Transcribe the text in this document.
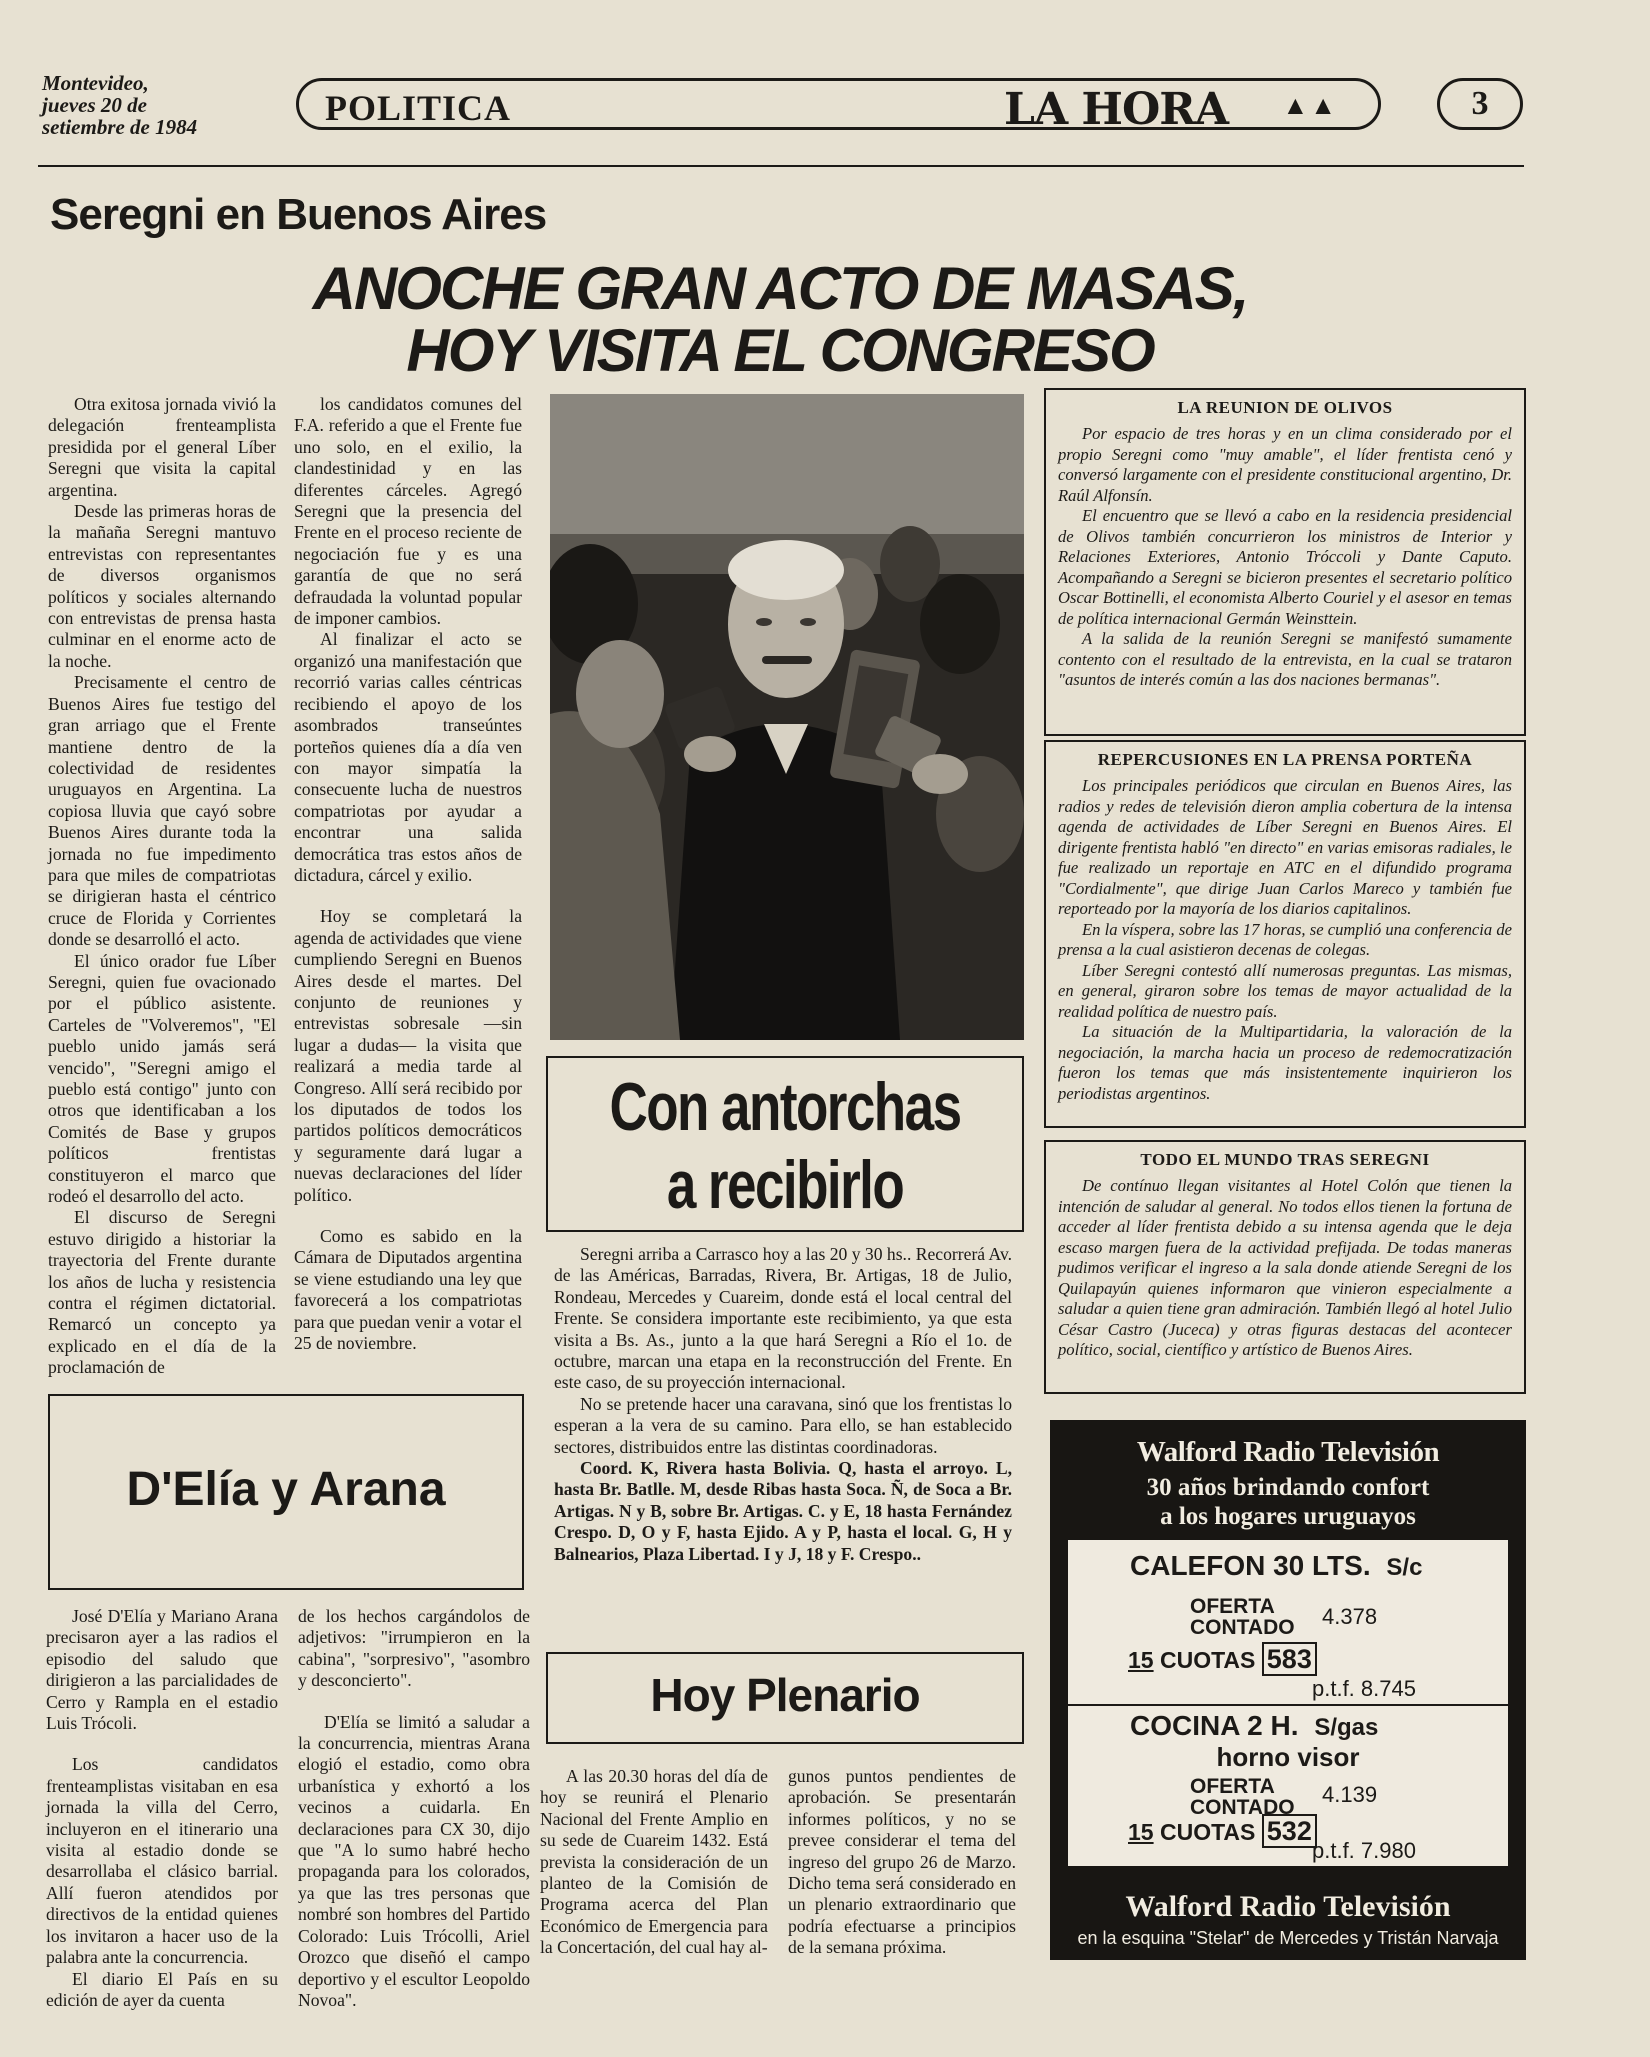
Montevideo,
jueves 20 de
setiembre de 1984	POLITICA	LA HORA ▲▲	3
Seregni en Buenos Aires
ANOCHE GRAN ACTO DE MASAS,
HOY VISITA EL CONGRESO

Otra exitosa jornada vivió la delegación frenteamplista presidida por el general Líber Seregni que visita la capital argentina.

Desde las primeras horas de la mañaña Seregni mantuvo entrevistas con representantes de diversos organismos políticos y sociales alternando con entrevistas de prensa hasta culminar en el enorme acto de la noche.

Precisamente el centro de Buenos Aires fue testigo del gran arriago que el Frente mantiene dentro de la colectividad de residentes uruguayos en Argentina. La copiosa lluvia que cayó sobre Buenos Aires durante toda la jornada no fue impedimento para que miles de compatriotas se dirigieran hasta el céntrico cruce de Florida y Corrientes donde se desarrolló el acto.

El único orador fue Líber Seregni, quien fue ovacionado por el público asistente. Carteles de "Volveremos", "El pueblo unido jamás será vencido", "Seregni amigo el pueblo está contigo" junto con otros que identificaban a los Comités de Base y grupos políticos frentistas constituyeron el marco que rodeó el desarrollo del acto.

El discurso de Seregni estuvo dirigido a historiar la trayectoria del Frente durante los años de lucha y resistencia contra el régimen dictatorial. Remarcó un concepto ya explicado en el día de la proclamación de

los candidatos comunes del F.A. referido a que el Frente fue uno solo, en el exilio, la clandestinidad y en las diferentes cárceles. Agregó Seregni que la presencia del Frente en el proceso reciente de negociación fue y es una garantía de que no será defraudada la voluntad popular de imponer cambios.

Al finalizar el acto se organizó una manifestación que recorrió varias calles céntricas recibiendo el apoyo de los asombrados transeúntes porteños quienes día a día ven con mayor simpatía la consecuente lucha de nuestros compatriotas por ayudar a encontrar una salida democrática tras estos años de dictadura, cárcel y exilio.

Hoy se completará la agenda de actividades que viene cumpliendo Seregni en Buenos Aires desde el martes. Del conjunto de reuniones y entrevistas sobresale —sin lugar a dudas— la visita que realizará a media tarde al Congreso. Allí será recibido por los diputados de todos los partidos políticos democráticos y seguramente dará lugar a nuevas declaraciones del líder político.

Como es sabido en la Cámara de Diputados argentina se viene estudiando una ley que favorecerá a los compatriotas para que puedan venir a votar el 25 de noviembre.

LA REUNION DE OLIVOS

Por espacio de tres horas y en un clima considerado por el propio Seregni como "muy amable", el líder frentista cenó y conversó largamente con el presidente constitucional argentino, Dr. Raúl Alfonsín.

El encuentro que se llevó a cabo en la residencia presidencial de Olivos también concurrieron los ministros de Interior y Relaciones Exteriores, Antonio Tróccoli y Dante Caputo. Acompañando a Seregni se bicieron presentes el secretario político Oscar Bottinelli, el economista Alberto Couriel y el asesor en temas de política internacional Germán Weinsttein.

A la salida de la reunión Seregni se manifestó sumamente contento con el resultado de la entrevista, en la cual se trataron "asuntos de interés común a las dos naciones bermanas".

REPERCUSIONES EN LA PRENSA PORTEÑA

Los principales periódicos que circulan en Buenos Aires, las radios y redes de televisión dieron amplia cobertura de la intensa agenda de actividades de Líber Seregni en Buenos Aires. El dirigente frentista habló "en directo" en varias emisoras radiales, le fue realizado un reportaje en ATC en el difundido programa "Cordialmente", que dirige Juan Carlos Mareco y también fue reporteado por la mayoría de los diarios capitalinos.

En la víspera, sobre las 17 horas, se cumplió una conferencia de prensa a la cual asistieron decenas de colegas.

Líber Seregni contestó allí numerosas preguntas. Las mismas, en general, giraron sobre los temas de mayor actualidad de la realidad política de nuestro país.

La situación de la Multipartidaria, la valoración de la negociación, la marcha hacia un proceso de redemocratización fueron los temas que más insistentemente inquirieron los periodistas argentinos.

TODO EL MUNDO TRAS SEREGNI

De contínuo llegan visitantes al Hotel Colón que tienen la intención de saludar al general. No todos ellos tienen la fortuna de acceder al líder frentista debido a su intensa agenda que le deja escaso margen fuera de la actividad prefijada. De todas maneras pudimos verificar el ingreso a la sala donde atiende Seregni de los Quilapayún quienes informaron que vinieron especialmente a saludar a quien tiene gran admiración. También llegó al hotel Julio César Castro (Juceca) y otras figuras destacas del acontecer político, social, científico y artístico de Buenos Aires.

Con antorchas
a recibirlo

Seregni arriba a Carrasco hoy a las 20 y 30 hs.. Recorrerá Av. de las Américas, Barradas, Rivera, Br. Artigas, 18 de Julio, Rondeau, Mercedes y Cuareim, donde está el local central del Frente. Se considera importante este recibimiento, ya que esta visita a Bs. As., junto a la que hará Seregni a Río el 1o. de octubre, marcan una etapa en la reconstrucción del Frente. En este caso, de su proyección internacional.

No se pretende hacer una caravana, sinó que los frentistas lo esperan a la vera de su camino. Para ello, se han establecido sectores, distribuidos entre las distintas coordinadoras.

Coord. K, Rivera hasta Bolivia. Q, hasta el arroyo. L, hasta Br. Batlle. M, desde Ribas hasta Soca. Ñ, de Soca a Br. Artigas. N y B, sobre Br. Artigas. C. y E, 18 hasta Fernández Crespo. D, O y F, hasta Ejido. A y P, hasta el local. G, H y Balnearios, Plaza Libertad. I y J, 18 y F. Crespo..

Hoy Plenario

A las 20.30 horas del día de hoy se reunirá el Plenario Nacional del Frente Amplio en su sede de Cuareim 1432. Está prevista la consideración de un planteo de la Comisión de Programa acerca del Plan Económico de Emergencia para la Concertación, del cual hay al-

gunos puntos pendientes de aprobación. Se presentarán informes políticos, y no se prevee considerar el tema del ingreso del grupo 26 de Marzo. Dicho tema será considerado en un plenario extraordinario que podría efectuarse a principios de la semana próxima.

D'Elía y Arana

José D'Elía y Mariano Arana precisaron ayer a las radios el episodio del saludo que dirigieron a las parcialidades de Cerro y Rampla en el estadio Luis Trócoli.

Los candidatos frenteamplistas visitaban en esa jornada la villa del Cerro, incluyeron en el itinerario una visita al estadio donde se desarrollaba el clásico barrial. Allí fueron atendidos por directivos de la entidad quienes los invitaron a hacer uso de la palabra ante la concurrencia.

El diario El País en su edición de ayer da cuenta

de los hechos cargándolos de adjetivos: "irrumpieron en la cabina", "sorpresivo", "asombro y desconcierto".

D'Elía se limitó a saludar a la concurrencia, mientras Arana elogió el estadio, como obra urbanística y exhortó a los vecinos a cuidarla. En declaraciones para CX 30, dijo que "A lo sumo habré hecho propaganda para los colorados, ya que las tres personas que nombré son hombres del Partido Colorado: Luis Trócolli, Ariel Orozco que diseñó el campo deportivo y el escultor Leopoldo Novoa".

Walford Radio Televisión
30 años brindando confort
a los hogares uruguayos
CALEFON 30 LTS. S/c
OFERTA
CONTADO 4.378
15 CUOTAS 583
p.t.f. 8.745
COCINA 2 H. S/gas
horno visor
OFERTA
CONTADO
4.139
15 CUOTAS 532
p.t.f. 7.980
Walford Radio Televisión
en la esquina "Stelar" de Mercedes y Tristán Narvaja
